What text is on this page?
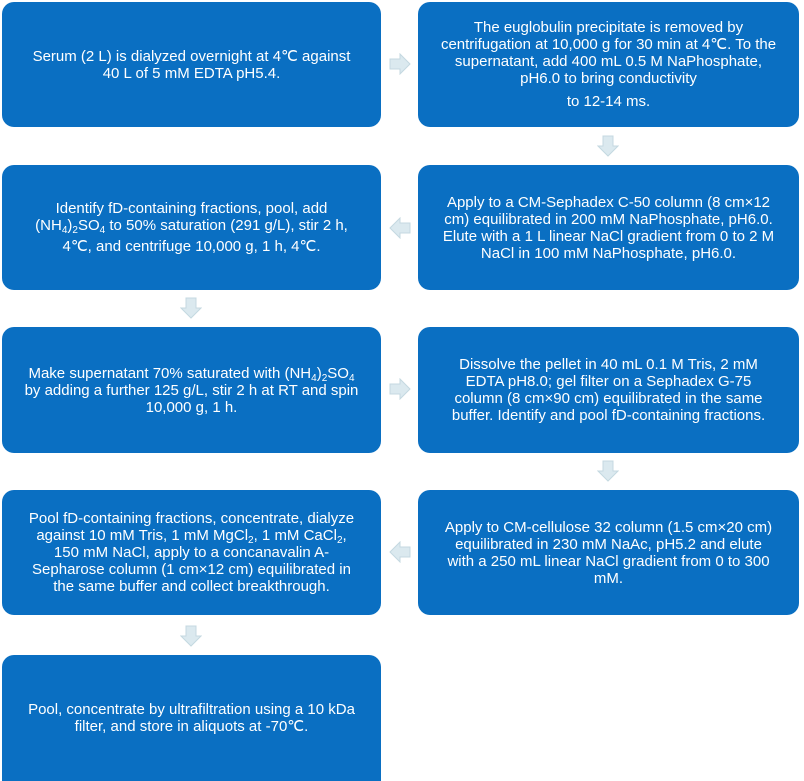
Serum (2 L) is dialyzed overnight at 4℃ against
40 L of 5 mM EDTA pH5.4.
The euglobulin precipitate is removed by
centrifugation at 10,000 g for 30 min at 4℃. To the
supernatant, add 400 mL 0.5 M NaPhosphate,
pH6.0 to bring conductivity
to 12-14 ms.
Apply to a CM-Sephadex C-50 column (8 cm×12
cm) equilibrated in 200 mM NaPhosphate, pH6.0.
Elute with a 1 L linear NaCl gradient from 0 to 2 M
NaCl in 100 mM NaPhosphate, pH6.0.
Identify fD-containing fractions, pool, add
$(NH_4)_2SO_4$ to 50% saturation (291 g/L), stir 2 h,
4℃, and centrifuge 10,000 g, 1 h, 4℃.
Make supernatant 70% saturated with $(NH_4)_2SO_4$
by adding a further 125 g/L, stir 2 h at RT and spin
10,000 g, 1 h.
Dissolve the pellet in 40 mL 0.1 M Tris, 2 mM
EDTA pH8.0; gel filter on a Sephadex G-75
column (8 cm×90 cm) equilibrated in the same
buffer. Identify and pool fD-containing fractions.
Apply to CM-cellulose 32 column (1.5 cm×20 cm)
equilibrated in 230 mM NaAc, pH5.2 and elute
with a 250 mL linear NaCl gradient from 0 to 300
mM.
Pool fD-containing fractions, concentrate, dialyze
against 10 mM Tris, 1 mM MgCl$_2$, 1 mM CaCl$_2$,
150 mM NaCl, apply to a concanavalin A-
Sepharose column (1 cm×12 cm) equilibrated in
the same buffer and collect breakthrough.
Pool, concentrate by ultrafiltration using a 10 kDa
filter, and store in aliquots at -70℃.
